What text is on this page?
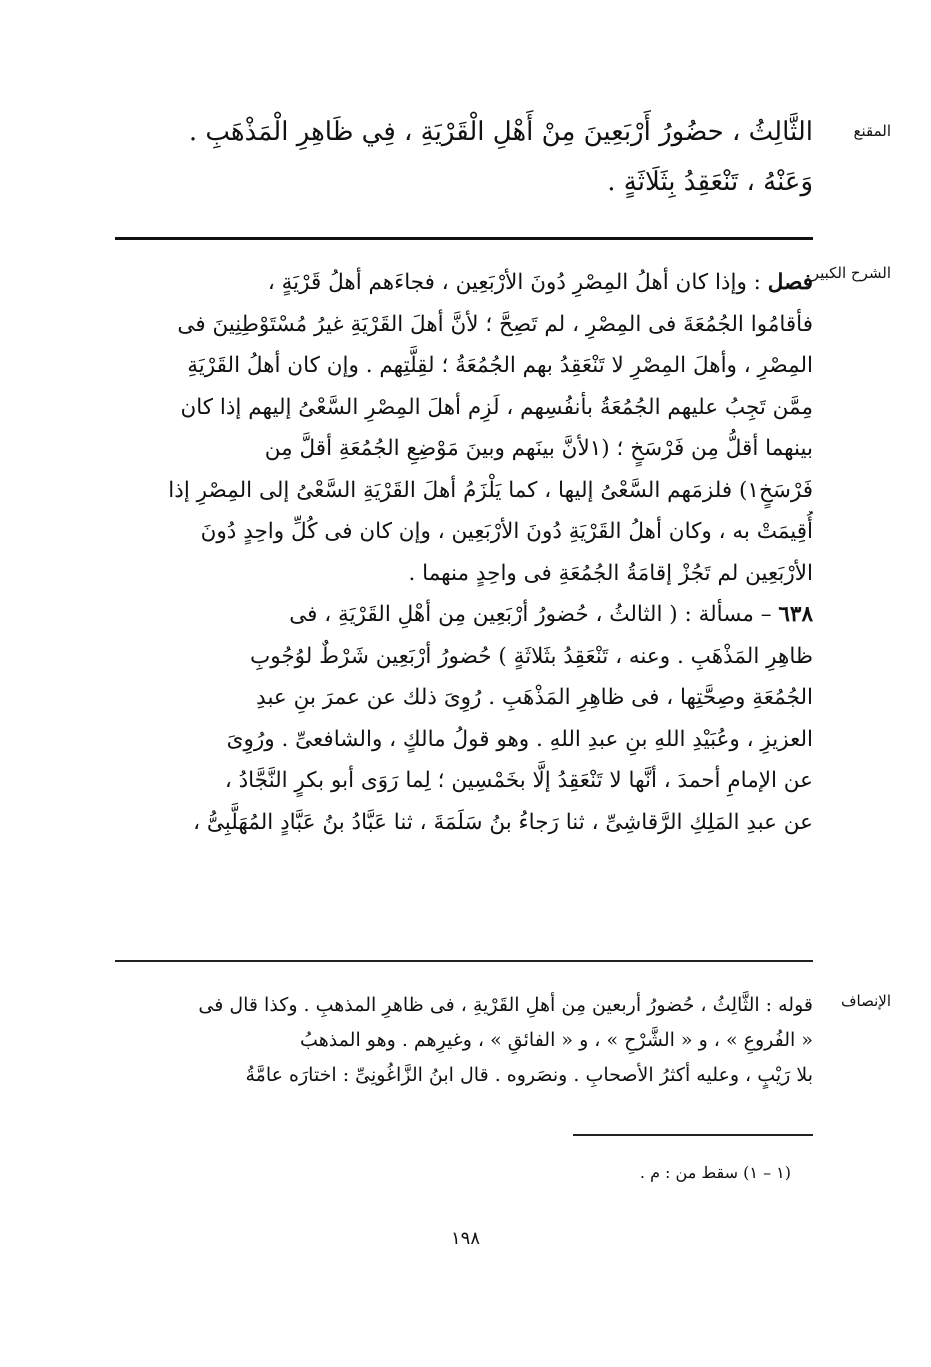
المقنع
الثَّالِثُ ، حضُورُ أَرْبَعِينَ مِنْ أَهْلِ الْقَرْيَةِ ، فِي ظَاهِرِ الْمَذْهَبِ .
وَعَنْهُ ، تَنْعَقِدُ بِثَلَاثَةٍ .
الشرح الكبير
فصل : وإذا كان أهلُ المِصْرِ دُونَ الأرْبَعِين ، فجاءَهم أهلُ قَرْيَةٍ ،
فأقامُوا الجُمُعَةَ فى المِصْرِ ، لم تَصِحَّ ؛ لأنَّ أهلَ القَرْيَةِ غيرُ مُسْتَوْطِنِينَ فى
المِصْرِ ، وأهلَ المِصْرِ لا تَنْعَقِدُ بهم الجُمُعَةُ ؛ لقِلَّتِهم . وإن كان أهلُ القَرْيَةِ
مِمَّن تَجِبُ عليهم الجُمُعَةُ بأنفُسِهم ، لَزِم أهلَ المِصْرِ السَّعْىُ إليهم إذا كان
بينهما أقلُّ مِن فَرْسَخٍ ؛ (١لأنَّ بينَهم وبينَ مَوْضِعِ الجُمُعَةِ أقلَّ مِن
فَرْسَخٍ١) فلزمَهم السَّعْىُ إليها ، كما يَلْزَمُ أهلَ القَرْيَةِ السَّعْىُ إلى المِصْرِ إذا
أُقِيمَتْ به ، وكان أهلُ القَرْيَةِ دُونَ الأرْبَعِين ، وإن كان فى كُلِّ واحِدٍ دُونَ
الأرْبَعِين لم تَجُزْ إقامَةُ الجُمُعَةِ فى واحِدٍ منهما .
٦٣٨ – مسألة : ( الثالثُ ، حُضورُ أرْبَعِين مِن أهْلِ القَرْيَةِ ، فى
ظاهِرِ المَذْهَبِ . وعنه ، تَنْعَقِدُ بثَلاثَةٍ ) حُضورُ أرْبَعِين شَرْطٌ لوُجُوبِ
الجُمُعَةِ وصِحَّتِها ، فى ظاهِرِ المَذْهَبِ . رُوِىَ ذلك عن عمرَ بنِ عبدِ
العزيزِ ، وعُبَيْدِ اللهِ بنِ عبدِ اللهِ . وهو قولُ مالكٍ ، والشافعىِّ . ورُوِىَ
عن الإمامِ أحمدَ ، أنَّها لا تَنْعَقِدُ إلَّا بخَمْسِين ؛ لِما رَوَى أبو بكرٍ النَّجَّادُ ،
عن عبدِ المَلِكِ الرَّقاشِىِّ ، ثنا رَجاءُ بنُ سَلَمَةَ ، ثنا عَبَّادُ بنُ عَبَّادٍ المُهَلَّبِىُّ ،
الإنصاف
قوله : الثَّالِثُ ، حُضورُ أربعين مِن أهلِ القَرْيةِ ، فى ظاهرِ المذهبِ . وكذا قال فى
« الفُروعِ » ، و « الشَّرْحِ » ، و « الفائقِ » ، وغيرِهم . وهو المذهبُ
بلا رَيْبٍ ، وعليه أكثرُ الأصحابِ . ونصَروه . قال ابنُ الزَّاغُونِىِّ : اختارَه عامَّةُ
(١ – ١) سقط من : م .
١٩٨
